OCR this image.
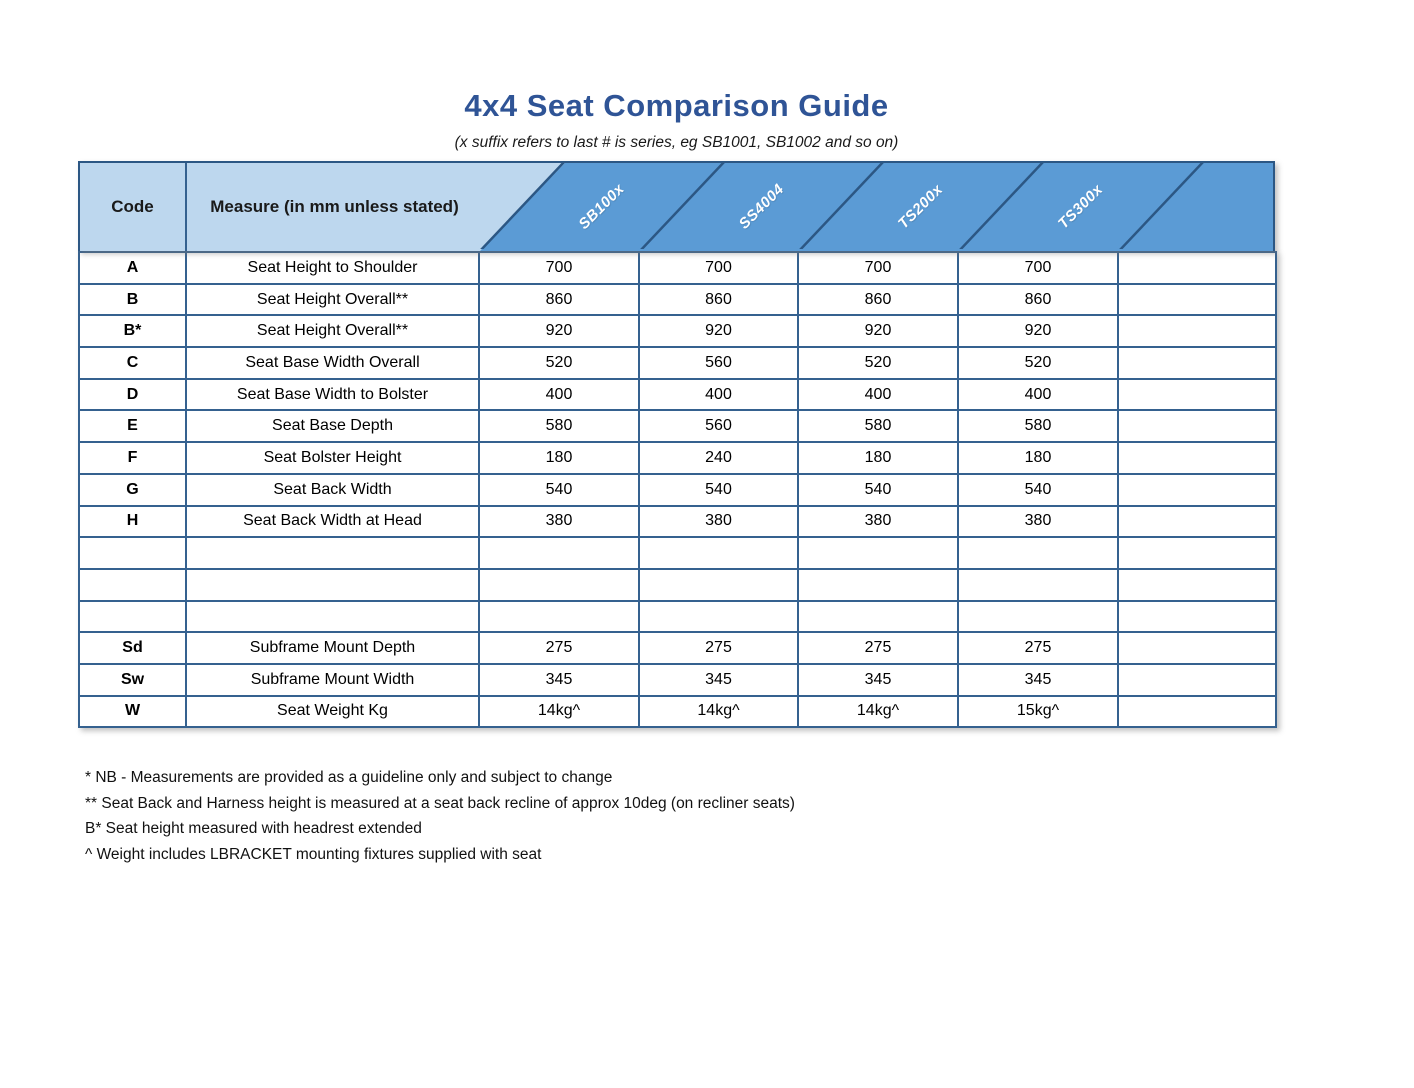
4x4 Seat Comparison Guide
(x suffix refers to last # is series, eg SB1001, SB1002 and so on)
Code	Measure (in mm unless stated)	SB100x	SS4004	TS200x	TS300x
A	Seat Height to Shoulder	700	700	700	700	
B	Seat Height Overall**	860	860	860	860	
B*	Seat Height Overall**	920	920	920	920	
C	Seat Base Width Overall	520	560	520	520	
D	Seat Base Width to Bolster	400	400	400	400	
E	Seat Base Depth	580	560	580	580	
F	Seat Bolster Height	180	240	180	180	
G	Seat Back Width	540	540	540	540	
H	Seat Back Width at Head	380	380	380	380	

Sd	Subframe Mount Depth	275	275	275	275	
Sw	Subframe Mount Width	345	345	345	345	
W	Seat Weight Kg	14kg^	14kg^	14kg^	15kg^	
* NB - Measurements are provided as a guideline only and subject to change
** Seat Back and Harness height is measured at a seat back recline of approx 10deg (on recliner seats)
B* Seat height measured with headrest extended
^ Weight includes LBRACKET mounting fixtures supplied with seat
